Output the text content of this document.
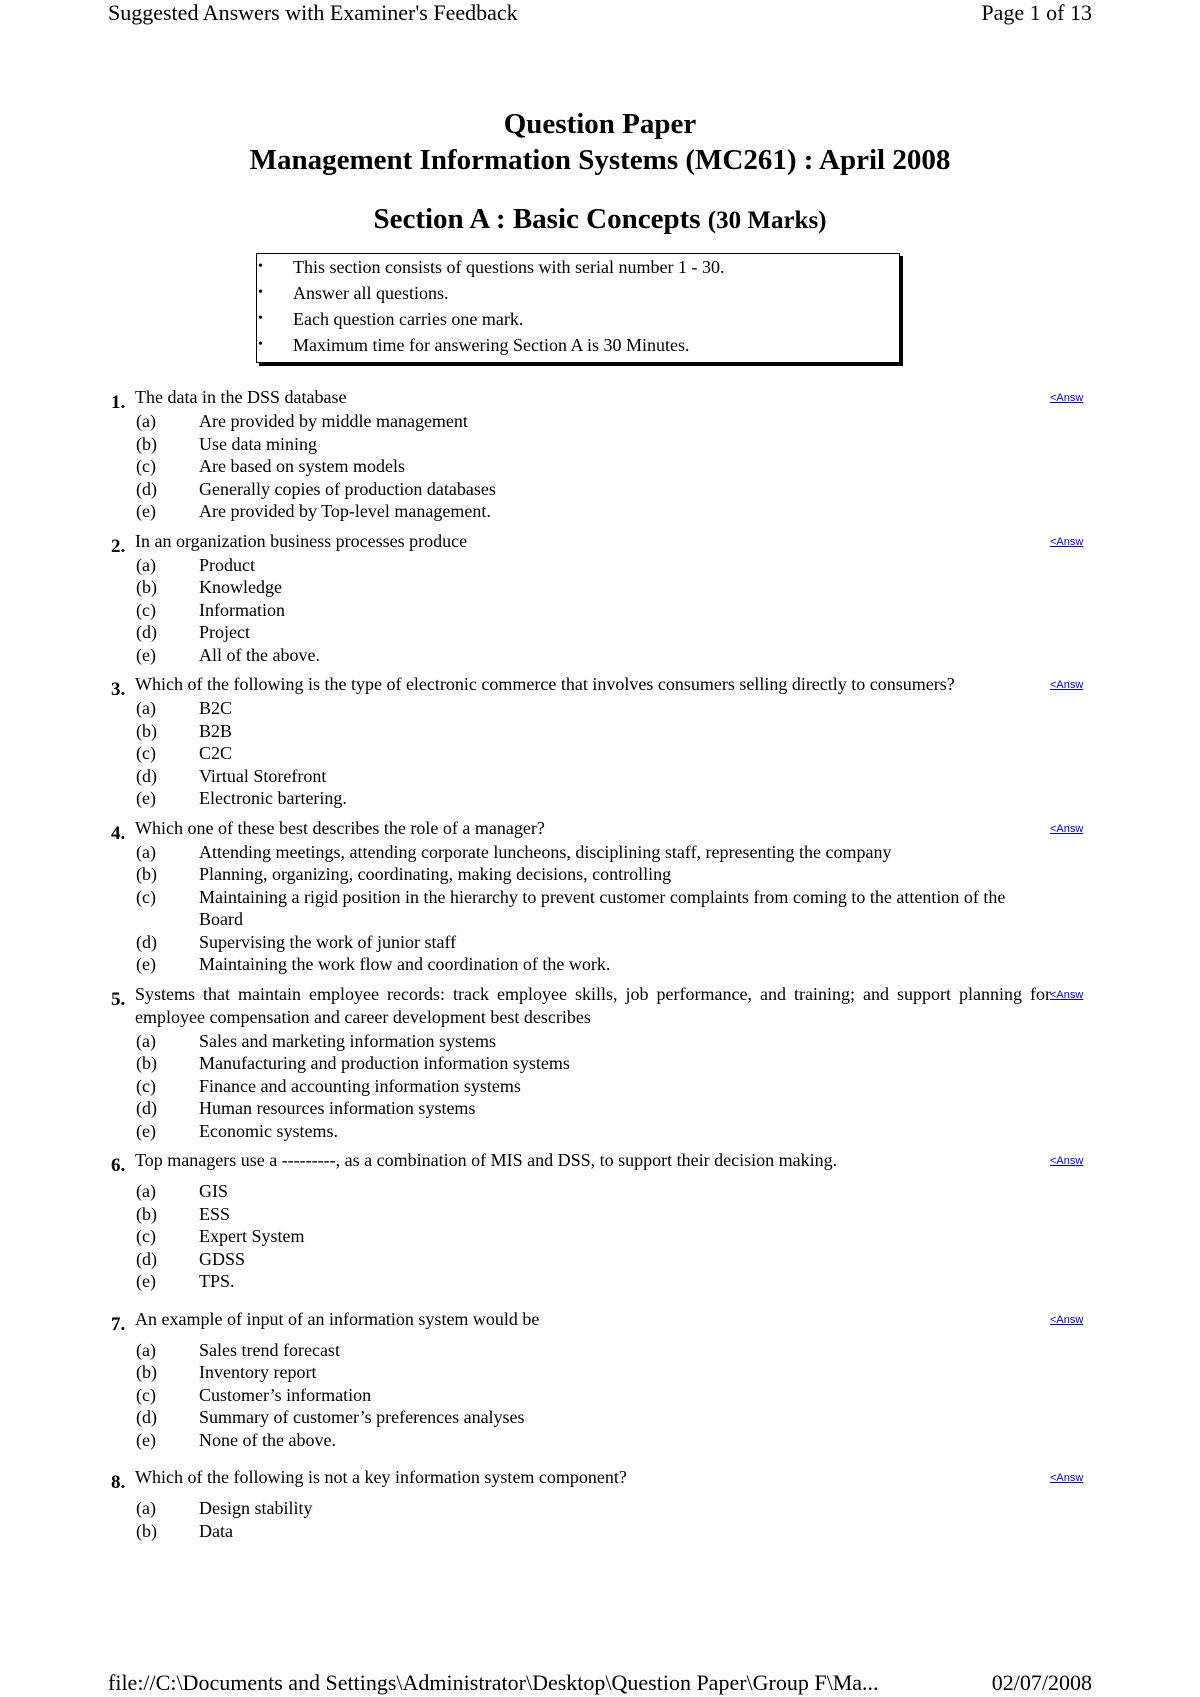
Suggested Answers with Examiner's Feedback	Page 1 of 13
Question Paper
Management Information Systems (MC261) : April 2008
Section A : Basic Concepts (30 Marks)
• This section consists of questions with serial number 1 - 30.
• Answer all questions.
• Each question carries one mark.
• Maximum time for answering Section A is 30 Minutes.
1. The data in the DSS database	<Answ
(a) Are provided by middle management
(b) Use data mining
(c) Are based on system models
(d) Generally copies of production databases
(e) Are provided by Top-level management.
2. In an organization business processes produce	<Answ
(a) Product
(b) Knowledge
(c) Information
(d) Project
(e) All of the above.
3. Which of the following is the type of electronic commerce that involves consumers selling directly to consumers?	<Answ
(a) B2C
(b) B2B
(c) C2C
(d) Virtual Storefront
(e) Electronic bartering.
4. Which one of these best describes the role of a manager?	<Answ
(a) Attending meetings, attending corporate luncheons, disciplining staff, representing the company
(b) Planning, organizing, coordinating, making decisions, controlling
(c) Maintaining a rigid position in the hierarchy to prevent customer complaints from coming to the attention of the Board
(d) Supervising the work of junior staff
(e) Maintaining the work flow and coordination of the work.
5. Systems that maintain employee records: track employee skills, job performance, and training; and support planning for employee compensation and career development best describes
<Answ
(a) Sales and marketing information systems
(b) Manufacturing and production information systems
(c) Finance and accounting information systems
(d) Human resources information systems
(e) Economic systems.
6. Top managers use a ---------, as a combination of MIS and DSS, to support their decision making.	<Answ
(a) GIS
(b) ESS
(c) Expert System
(d) GDSS
(e) TPS.
7. An example of input of an information system would be	<Answ
(a) Sales trend forecast
(b) Inventory report
(c) Customer’s information
(d) Summary of customer’s preferences analyses
(e) None of the above.
8. Which of the following is not a key information system component?	<Answ
(a) Design stability
(b) Data
file://C:\Documents and Settings\Administrator\Desktop\Question Paper\Group F\Ma...	02/07/2008
